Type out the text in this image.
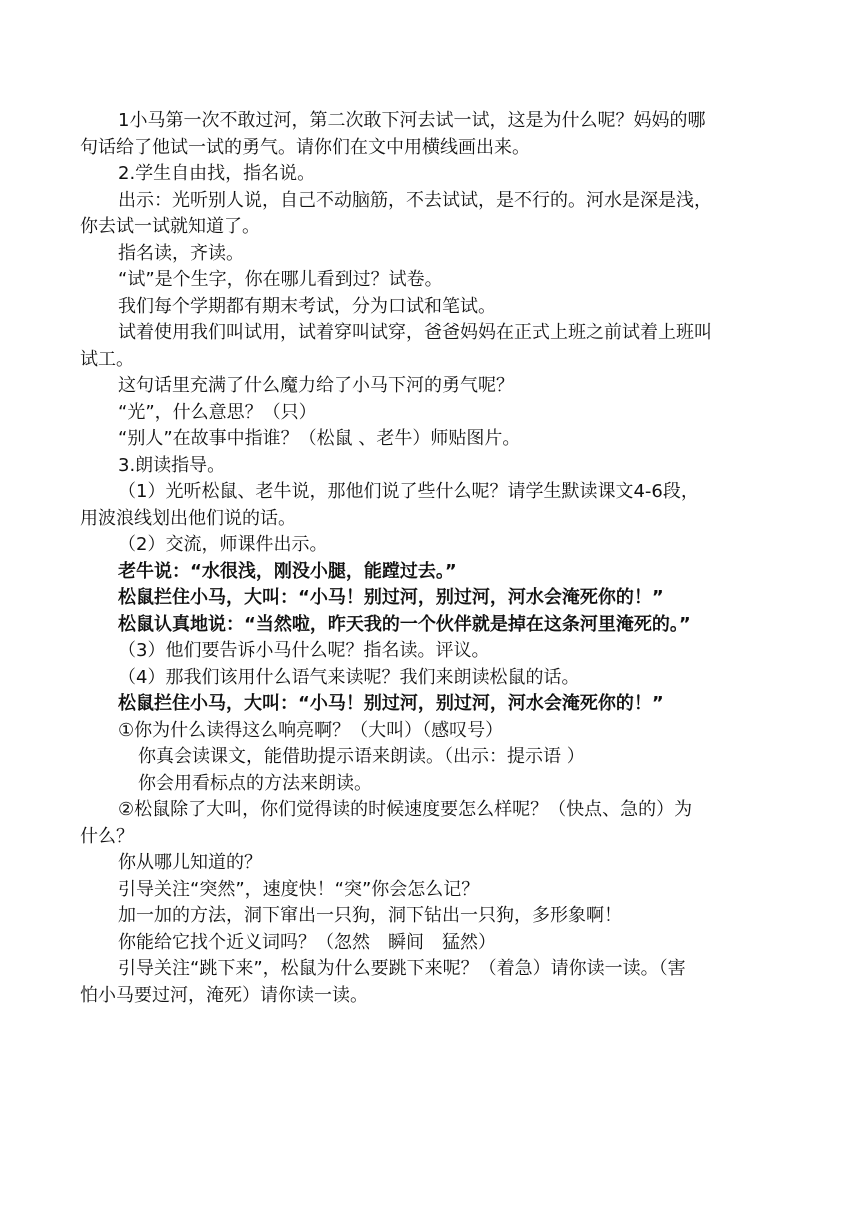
1小马第一次不敢过河，第二次敢下河去试一试，这是为什么呢？妈妈的哪
句话给了他试一试的勇气。请你们在文中用横线画出来。
2.学生自由找，指名说。
出示：光听别人说，自己不动脑筋，不去试试，是不行的。河水是深是浅，
你去试一试就知道了。
指名读，齐读。
“试”是个生字，你在哪儿看到过？试卷。
我们每个学期都有期末考试，分为口试和笔试。
试着使用我们叫试用，试着穿叫试穿，爸爸妈妈在正式上班之前试着上班叫
试工。
这句话里充满了什么魔力给了小马下河的勇气呢？
“光”，什么意思？（只）
“别人”在故事中指谁？（松鼠 、老牛）师贴图片。
3.朗读指导。
（1）光听松鼠、老牛说，那他们说了些什么呢？请学生默读课文4-6段，
用波浪线划出他们说的话。
（2）交流，师课件出示。
老牛说：“水很浅，刚没小腿，能蹚过去。”
松鼠拦住小马，大叫：“小马！别过河，别过河，河水会淹死你的！”
松鼠认真地说：“当然啦，昨天我的一个伙伴就是掉在这条河里淹死的。”
（3）他们要告诉小马什么呢？指名读。评议。
（4）那我们该用什么语气来读呢？我们来朗读松鼠的话。
松鼠拦住小马，大叫：“小马！别过河，别过河，河水会淹死你的！”
①你为什么读得这么响亮啊？（大叫）（感叹号）
你真会读课文，能借助提示语来朗读。（出示：提示语 ）
你会用看标点的方法来朗读。
②松鼠除了大叫，你们觉得读的时候速度要怎么样呢？（快点、急的）为
什么？
你从哪儿知道的？
引导关注“突然”，速度快！“突”你会怎么记？
加一加的方法，洞下窜出一只狗，洞下钻出一只狗，多形象啊！
你能给它找个近义词吗？（忽然　瞬间　猛然）
引导关注“跳下来”，松鼠为什么要跳下来呢？（着急）请你读一读。（害
怕小马要过河，淹死）请你读一读。
